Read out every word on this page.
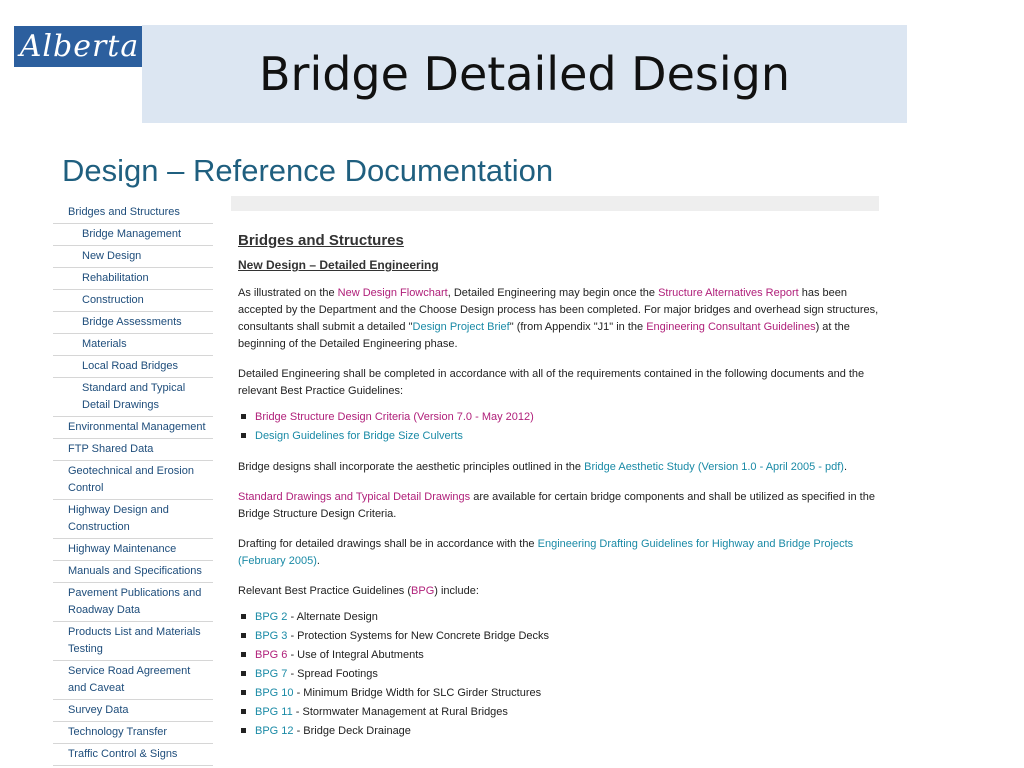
Alberta
Bridge Detailed Design
Design – Reference Documentation
Bridges and Structures
Bridge Management
New Design
Rehabilitation
Construction
Bridge Assessments
Materials
Local Road Bridges
Standard and Typical Detail Drawings
Environmental Management
FTP Shared Data
Geotechnical and Erosion Control
Highway Design and Construction
Highway Maintenance
Manuals and Specifications
Pavement Publications and Roadway Data
Products List and Materials Testing
Service Road Agreement and Caveat
Survey Data
Technology Transfer
Traffic Control & Signs
Bridges and Structures
New Design – Detailed Engineering

As illustrated on the New Design Flowchart, Detailed Engineering may begin once the Structure Alternatives Report has been accepted by the Department and the Choose Design process has been completed. For major bridges and overhead sign structures, consultants shall submit a detailed "Design Project Brief" (from Appendix "J1" in the Engineering Consultant Guidelines) at the beginning of the Detailed Engineering phase.

Detailed Engineering shall be completed in accordance with all of the requirements contained in the following documents and the relevant Best Practice Guidelines:

Bridge Structure Design Criteria (Version 7.0 - May 2012)
Design Guidelines for Bridge Size Culverts

Bridge designs shall incorporate the aesthetic principles outlined in the Bridge Aesthetic Study (Version 1.0 - April 2005 - pdf).

Standard Drawings and Typical Detail Drawings are available for certain bridge components and shall be utilized as specified in the Bridge Structure Design Criteria.

Drafting for detailed drawings shall be in accordance with the Engineering Drafting Guidelines for Highway and Bridge Projects (February 2005).

Relevant Best Practice Guidelines (BPG) include:

BPG 2 - Alternate Design
BPG 3 - Protection Systems for New Concrete Bridge Decks
BPG 6 - Use of Integral Abutments
BPG 7 - Spread Footings
BPG 10 - Minimum Bridge Width for SLC Girder Structures
BPG 11 - Stormwater Management at Rural Bridges
BPG 12 - Bridge Deck Drainage
